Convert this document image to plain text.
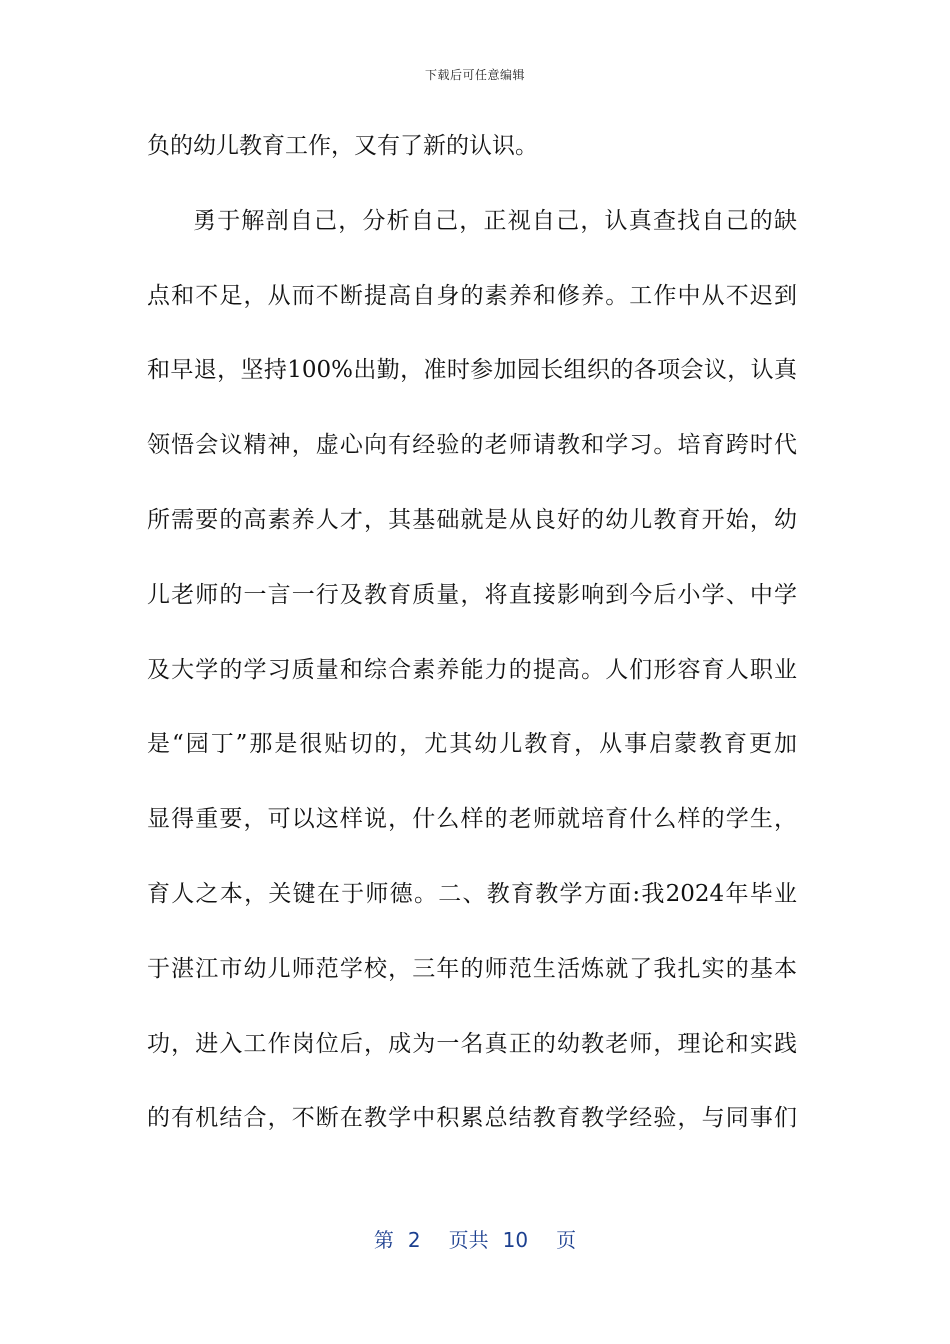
下载后可任意编辑
负的幼儿教育工作，又有了新的认识。
勇于解剖自己，分析自己，正视自己，认真查找自己的缺
点和不足，从而不断提高自身的素养和修养。工作中从不迟到
和早退，坚持100%出勤，准时参加园长组织的各项会议，认真
领悟会议精神，虚心向有经验的老师请教和学习。培育跨时代
所需要的高素养人才，其基础就是从良好的幼儿教育开始，幼
儿老师的一言一行及教育质量，将直接影响到今后小学、中学
及大学的学习质量和综合素养能力的提高。人们形容育人职业
是“园丁”那是很贴切的，尤其幼儿教育，从事启蒙教育更加
显得重要，可以这样说，什么样的老师就培育什么样的学生，
育人之本，关键在于师德。二、教育教学方面:我2024年毕业
于湛江市幼儿师范学校，三年的师范生活炼就了我扎实的基本
功，进入工作岗位后，成为一名真正的幼教老师，理论和实践
的有机结合，不断在教学中积累总结教育教学经验，与同事们
第 2 页共 10 页
